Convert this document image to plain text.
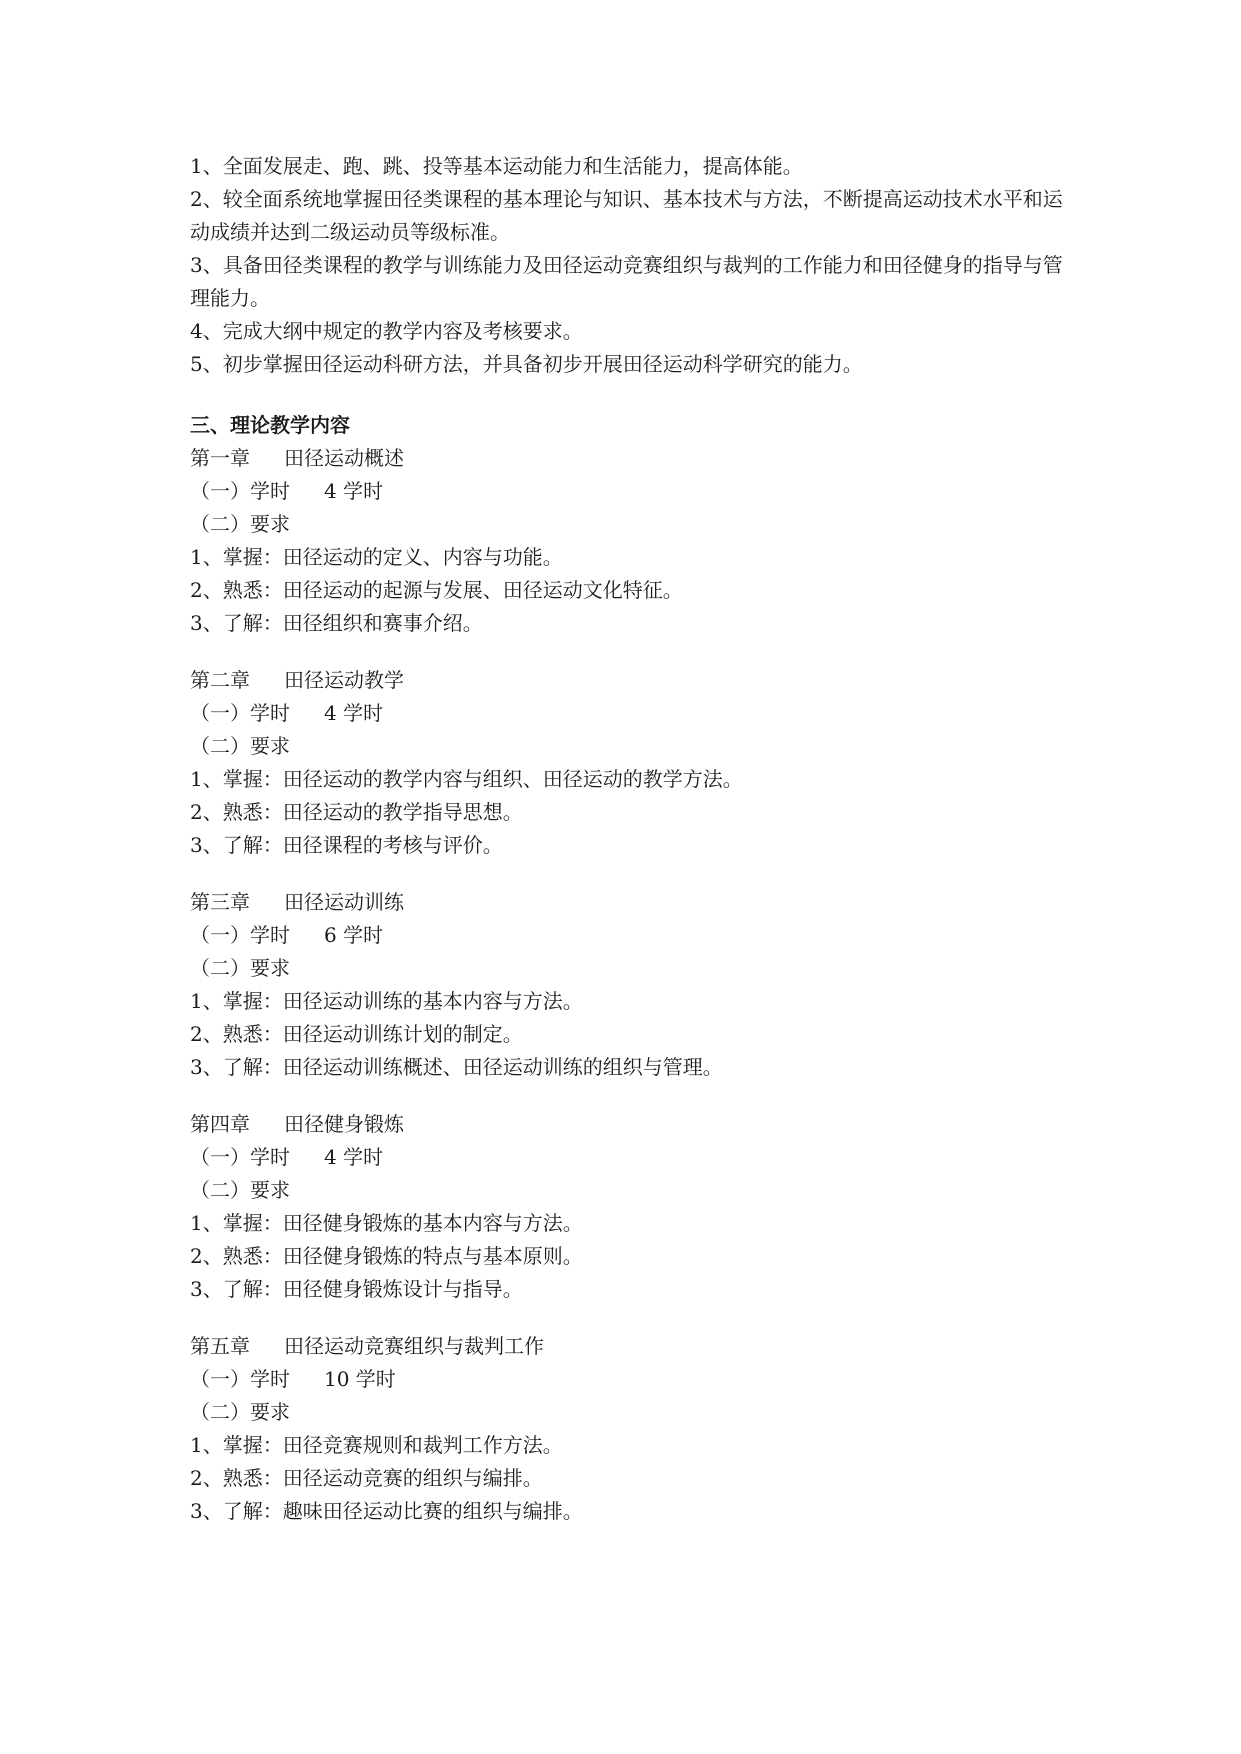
1、全面发展走、跑、跳、投等基本运动能力和生活能力，提高体能。
2、较全面系统地掌握田径类课程的基本理论与知识、基本技术与方法，不断提高运动技术水平和运动成绩并达到二级运动员等级标准。
3、具备田径类课程的教学与训练能力及田径运动竞赛组织与裁判的工作能力和田径健身的指导与管理能力。
4、完成大纲中规定的教学内容及考核要求。
5、初步掌握田径运动科研方法，并具备初步开展田径运动科学研究的能力。
三、理论教学内容
第一章 田径运动概述
（一）学时 4 学时
（二）要求
1、掌握：田径运动的定义、内容与功能。
2、熟悉：田径运动的起源与发展、田径运动文化特征。
3、了解：田径组织和赛事介绍。
第二章 田径运动教学
（一）学时 4 学时
（二）要求
1、掌握：田径运动的教学内容与组织、田径运动的教学方法。
2、熟悉：田径运动的教学指导思想。
3、了解：田径课程的考核与评价。
第三章 田径运动训练
（一）学时 6 学时
（二）要求
1、掌握：田径运动训练的基本内容与方法。
2、熟悉：田径运动训练计划的制定。
3、了解：田径运动训练概述、田径运动训练的组织与管理。
第四章 田径健身锻炼
（一）学时 4 学时
（二）要求
1、掌握：田径健身锻炼的基本内容与方法。
2、熟悉：田径健身锻炼的特点与基本原则。
3、了解：田径健身锻炼设计与指导。
第五章 田径运动竞赛组织与裁判工作
（一）学时 10 学时
（二）要求
1、掌握：田径竞赛规则和裁判工作方法。
2、熟悉：田径运动竞赛的组织与编排。
3、了解：趣味田径运动比赛的组织与编排。
